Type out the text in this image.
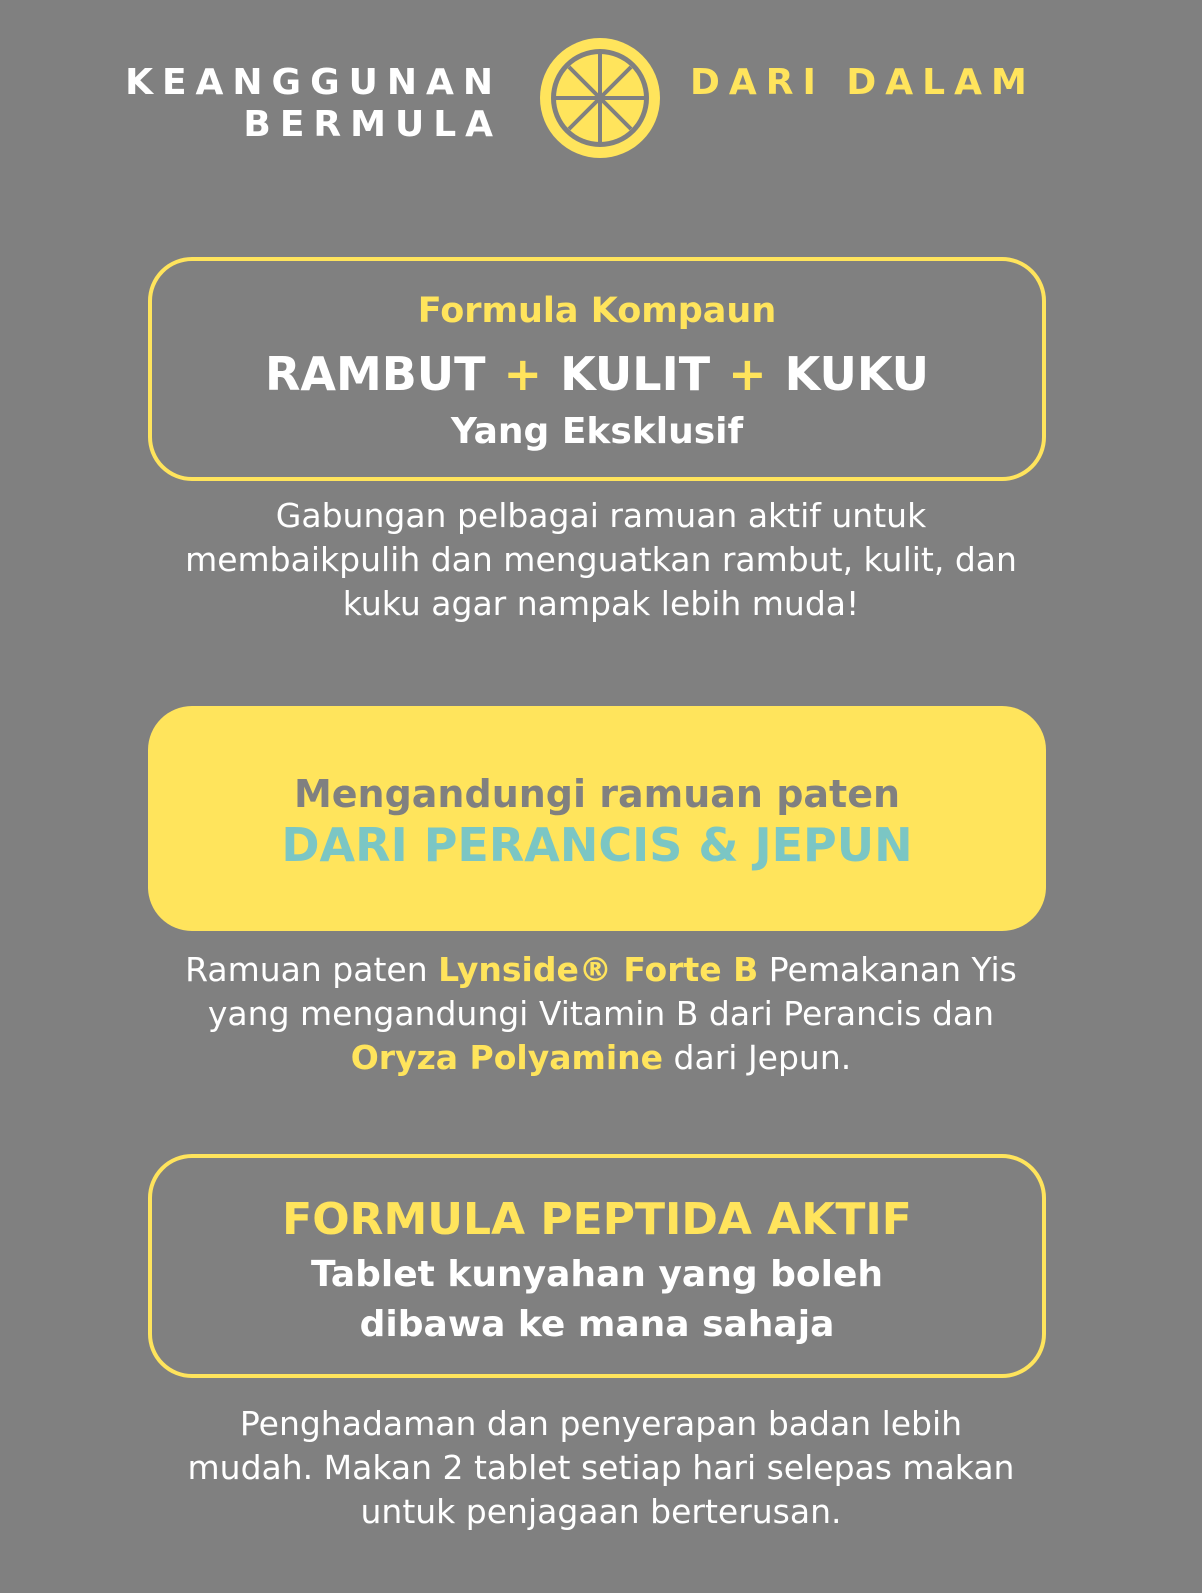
KEANGGUNAN
BERMULA
DARI DALAM
Formula Kompaun
RAMBUT + KULIT + KUKU
Yang Eksklusif
Gabungan pelbagai ramuan aktif untuk
membaikpulih dan menguatkan rambut, kulit, dan
kuku agar nampak lebih muda!
Mengandungi ramuan paten
DARI PERANCIS & JEPUN
Ramuan paten Lynside® Forte B Pemakanan Yis
yang mengandungi Vitamin B dari Perancis dan
Oryza Polyamine dari Jepun.
FORMULA PEPTIDA AKTIF
Tablet kunyahan yang boleh
dibawa ke mana sahaja
Penghadaman dan penyerapan badan lebih
mudah. Makan 2 tablet setiap hari selepas makan
untuk penjagaan berterusan.
